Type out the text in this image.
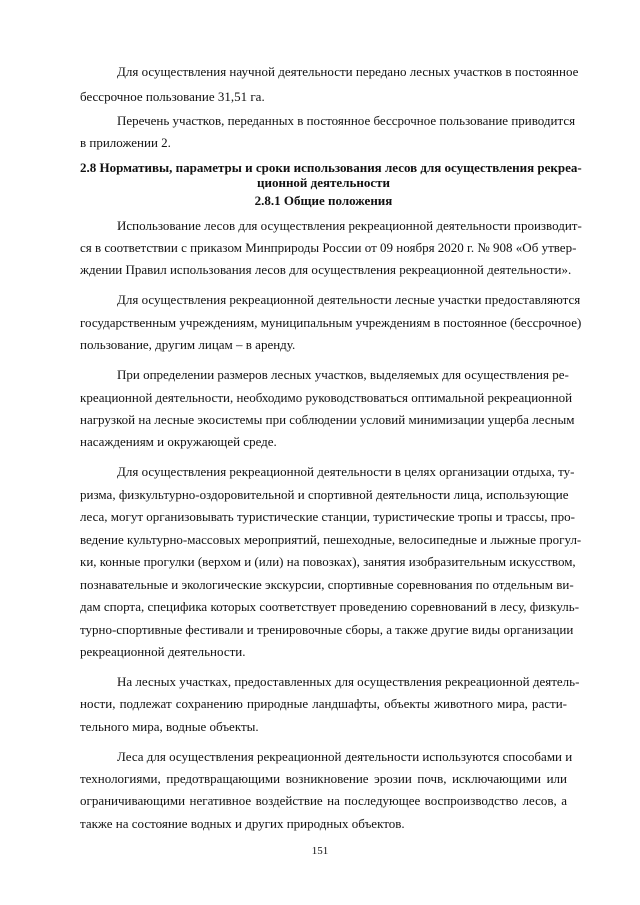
Для осуществления научной деятельности передано лесных участков в постоянное
бессрочное пользование 31,51 га.
Перечень участков, переданных в постоянное бессрочное пользование приводится
в приложении 2.
2.8 Нормативы, параметры и сроки использования лесов для осуществления рекреа-
ционной деятельности
2.8.1 Общие положения
Использование лесов для осуществления рекреационной деятельности производит-
ся в соответствии с приказом Минприроды России от 09 ноября 2020 г. № 908 «Об утвер-
ждении Правил использования лесов для осуществления рекреационной деятельности».
Для осуществления рекреационной деятельности лесные участки предоставляются
государственным учреждениям, муниципальным учреждениям в постоянное (бессрочное)
пользование, другим лицам – в аренду.
При определении размеров лесных участков, выделяемых для осуществления ре-
креационной деятельности, необходимо руководствоваться оптимальной рекреационной
нагрузкой на лесные экосистемы при соблюдении условий минимизации ущерба лесным
насаждениям и окружающей среде.
Для осуществления рекреационной деятельности в целях организации отдыха, ту-
ризма, физкультурно-оздоровительной и спортивной деятельности лица, использующие
леса, могут организовывать туристические станции, туристические тропы и трассы, про-
ведение культурно-массовых мероприятий, пешеходные, велосипедные и лыжные прогул-
ки, конные прогулки (верхом и (или) на повозках), занятия изобразительным искусством,
познавательные и экологические экскурсии, спортивные соревнования по отдельным ви-
дам спорта, специфика которых соответствует проведению соревнований в лесу, физкуль-
турно-спортивные фестивали и тренировочные сборы, а также другие виды организации
рекреационной деятельности.
На лесных участках, предоставленных для осуществления рекреационной деятель-
ности, подлежат сохранению природные ландшафты, объекты животного мира, расти-
тельного мира, водные объекты.
Леса для осуществления рекреационной деятельности используются способами и
технологиями, предотвращающими возникновение эрозии почв, исключающими или
ограничивающими негативное воздействие на последующее воспроизводство лесов, а
также на состояние водных и других природных объектов.
151
